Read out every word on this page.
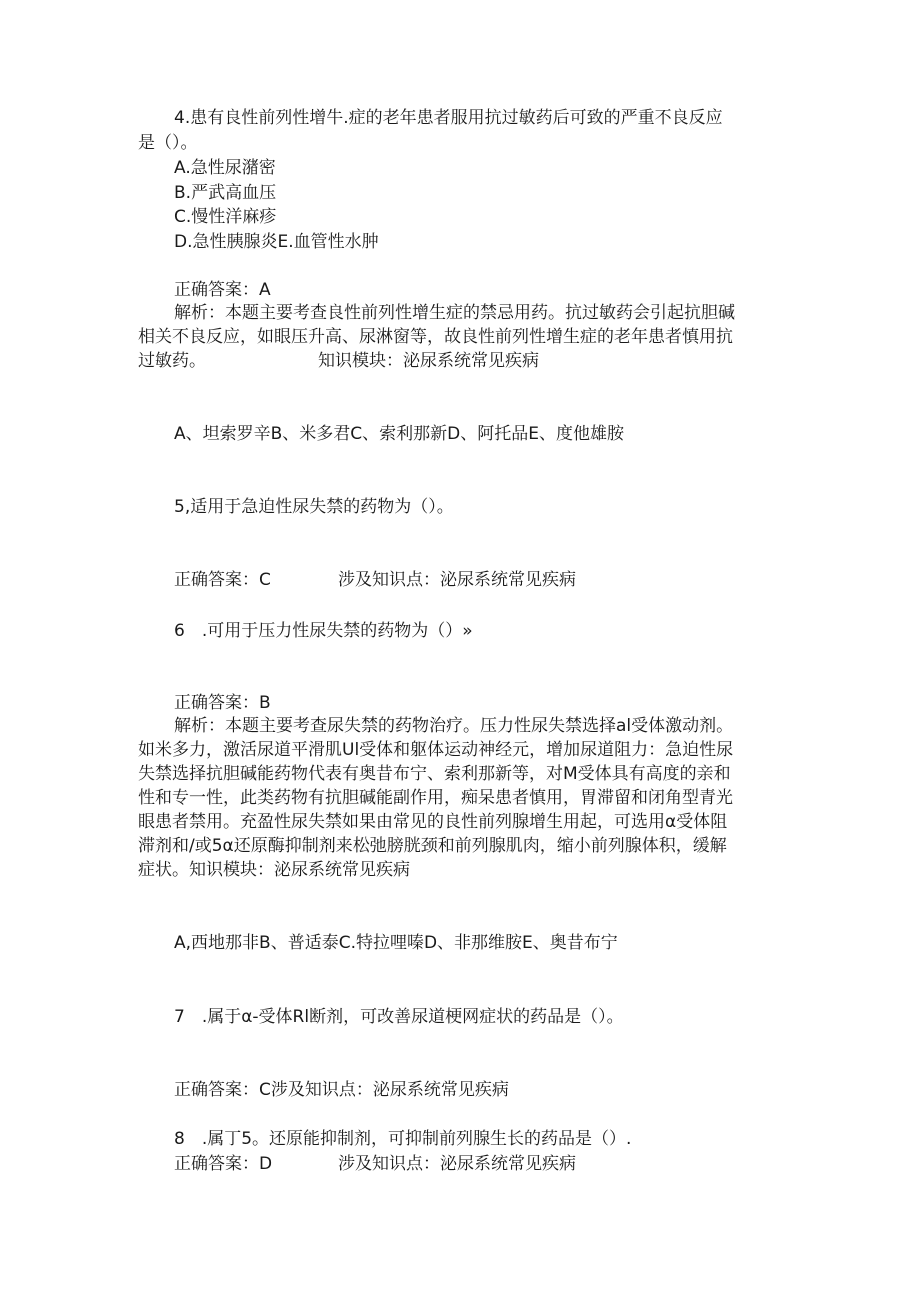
4.患有良性前列性增牛.症的老年患者服用抗过敏药后可致的严重不良反应
是（）。
A.急性尿潴密
B.严武高血压
C.慢性洋麻疹
D.急性胰腺炎E.血管性水肿
正确答案：A
解析：本题主要考查良性前列性增生症的禁忌用药。抗过敏药会引起抗胆碱
相关不良反应，如眼压升高、尿淋窗等，故良性前列性增生症的老年患者慎用抗
过敏药。	知识模块：泌尿系统常见疾病
A、坦索罗辛B、米多君C、索利那新D、阿托品E、度他雄胺
5,适用于急迫性尿失禁的药物为（）。
正确答案：C	涉及知识点：泌尿系统常见疾病
6　.可用于压力性尿失禁的药物为（）»
正确答案：B
解析：本题主要考查尿失禁的药物治疗。压力性尿失禁选择al受体激动剂。
如米多力，激活尿道平滑肌Ul受体和躯体运动神经元，增加尿道阻力：急迫性尿
失禁选择抗胆碱能药物代表有奥昔布宁、索利那新等，对M受体具有高度的亲和
性和专一性，此类药物有抗胆碱能副作用，痴呆患者慎用，胃滞留和闭角型青光
眼患者禁用。充盈性尿失禁如果由常见的良性前列腺增生用起，可选用α受体阻
滞剂和/或5α还原酶抑制剂来松弛膀胱颈和前列腺肌肉，缩小前列腺体积，缓解
症状。知识模块：泌尿系统常见疾病
A,西地那非B、普适泰C.特拉哩嗪D、非那维胺E、奥昔布宁
7　.属于α-受体Rl断剂，可改善尿道梗网症状的药品是（）。
正确答案：C涉及知识点：泌尿系统常见疾病
8　.属丁5。还原能抑制剂，可抑制前列腺生长的药品是（）.
正确答案：D	涉及知识点：泌尿系统常见疾病
